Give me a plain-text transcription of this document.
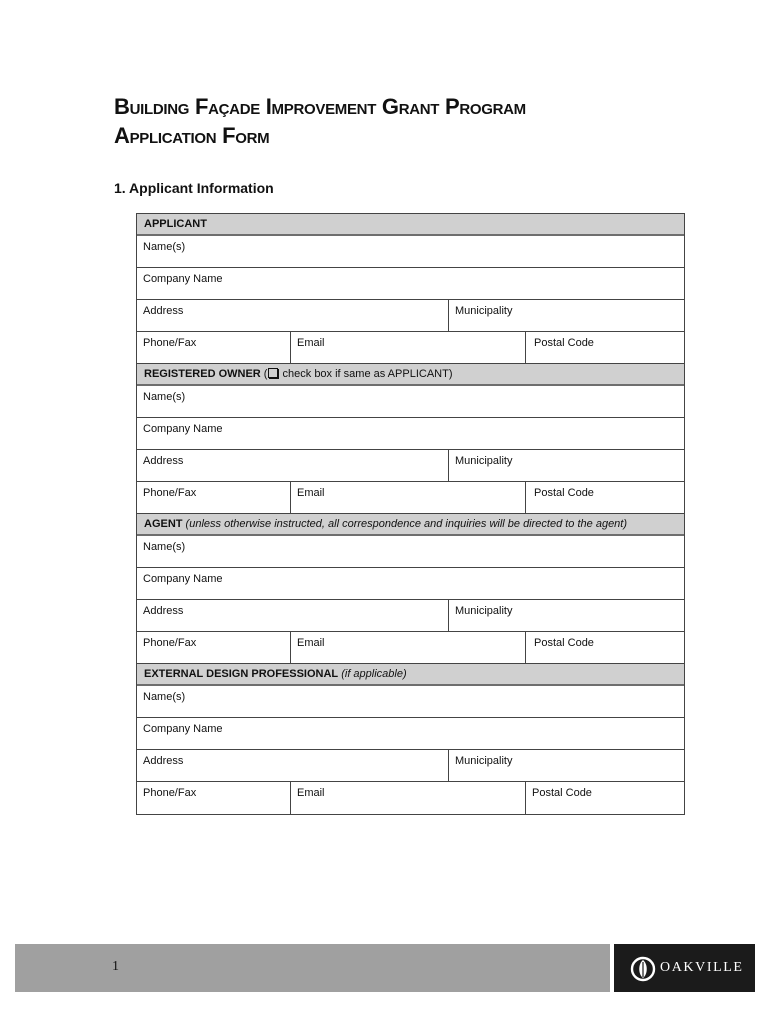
Building Façade Improvement Grant Program
Application Form
1. Applicant Information
APPLICANT
Name(s)
Company Name
Address	Municipality
Phone/Fax	Email	Postal Code
REGISTERED OWNER ( check box if same as APPLICANT)
Name(s)
Company Name
Address	Municipality
Phone/Fax	Email	Postal Code
AGENT (unless otherwise instructed, all correspondence and inquiries will be directed to the agent)
Name(s)
Company Name
Address	Municipality
Phone/Fax	Email	Postal Code
EXTERNAL DESIGN PROFESSIONAL (if applicable)
Name(s)
Company Name
Address	Municipality
Phone/Fax	Email	Postal Code
1	OAKVILLE
